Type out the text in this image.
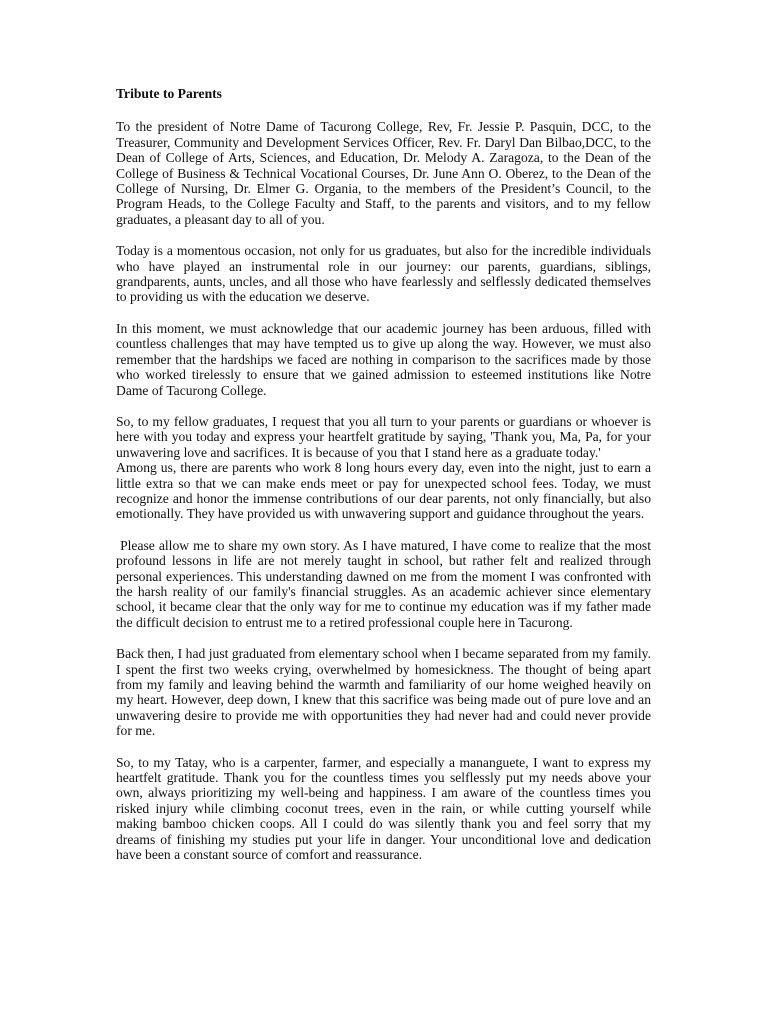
Tribute to Parents

To the president of Notre Dame of Tacurong College, Rev, Fr. Jessie P. Pasquin, DCC, to the Treasurer, Community and Development Services Officer, Rev. Fr. Daryl Dan Bilbao,DCC, to the Dean of College of Arts, Sciences, and Education, Dr. Melody A. Zaragoza, to the Dean of the College of Business & Technical Vocational Courses, Dr. June Ann O. Oberez, to the Dean of the College of Nursing, Dr. Elmer G. Organia, to the members of the President’s Council, to the Program Heads, to the College Faculty and Staff, to the parents and visitors, and to my fellow graduates, a pleasant day to all of you.

Today is a momentous occasion, not only for us graduates, but also for the incredible individuals who have played an instrumental role in our journey: our parents, guardians, siblings, grandparents, aunts, uncles, and all those who have fearlessly and selflessly dedicated themselves to providing us with the education we deserve.

In this moment, we must acknowledge that our academic journey has been arduous, filled with countless challenges that may have tempted us to give up along the way. However, we must also remember that the hardships we faced are nothing in comparison to the sacrifices made by those who worked tirelessly to ensure that we gained admission to esteemed institutions like Notre Dame of Tacurong College.

So, to my fellow graduates, I request that you all turn to your parents or guardians or whoever is here with you today and express your heartfelt gratitude by saying, 'Thank you, Ma, Pa, for your unwavering love and sacrifices. It is because of you that I stand here as a graduate today.'

Among us, there are parents who work 8 long hours every day, even into the night, just to earn a little extra so that we can make ends meet or pay for unexpected school fees. Today, we must recognize and honor the immense contributions of our dear parents, not only financially, but also emotionally. They have provided us with unwavering support and guidance throughout the years.

Please allow me to share my own story. As I have matured, I have come to realize that the most profound lessons in life are not merely taught in school, but rather felt and realized through personal experiences. This understanding dawned on me from the moment I was confronted with the harsh reality of our family's financial struggles. As an academic achiever since elementary school, it became clear that the only way for me to continue my education was if my father made the difficult decision to entrust me to a retired professional couple here in Tacurong.

Back then, I had just graduated from elementary school when I became separated from my family. I spent the first two weeks crying, overwhelmed by homesickness. The thought of being apart from my family and leaving behind the warmth and familiarity of our home weighed heavily on my heart. However, deep down, I knew that this sacrifice was being made out of pure love and an unwavering desire to provide me with opportunities they had never had and could never provide for me.

So, to my Tatay, who is a carpenter, farmer, and especially a mananguete, I want to express my heartfelt gratitude. Thank you for the countless times you selflessly put my needs above your own, always prioritizing my well-being and happiness. I am aware of the countless times you risked injury while climbing coconut trees, even in the rain, or while cutting yourself while making bamboo chicken coops. All I could do was silently thank you and feel sorry that my dreams of finishing my studies put your life in danger. Your unconditional love and dedication have been a constant source of comfort and reassurance.
